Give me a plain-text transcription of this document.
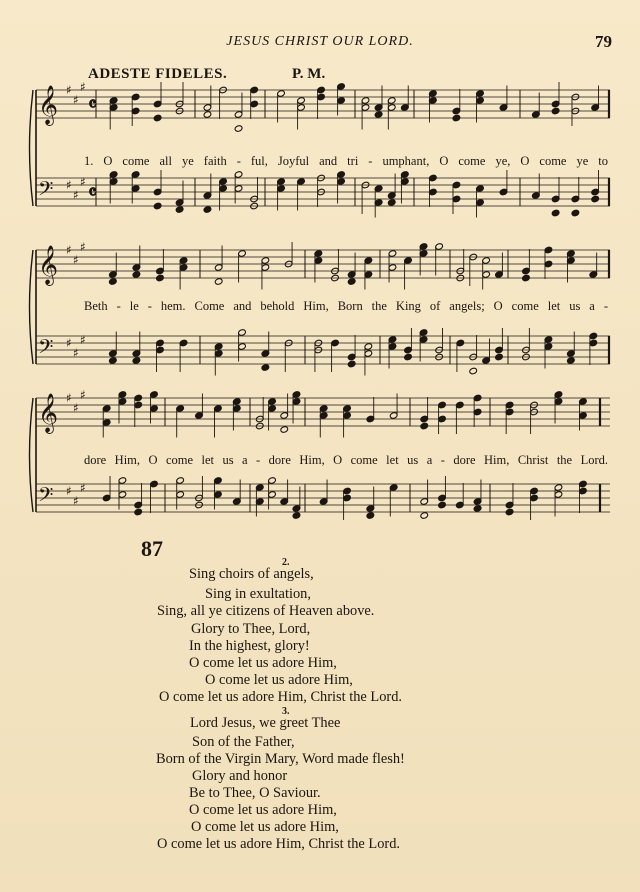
JESUS CHRIST OUR LORD.	79
ADESTE FIDELES.	P. M.
𝄞 ♯
♯
♯
𝄴
𝄢 ♯
♯
♯ 𝄴
1. O come all ye faith - ful, Joyful and tri - umphant, O come ye, O come ye to
𝄞 ♯
♯
♯
𝄢 ♯
♯
♯
Beth - le - hem. Come and behold Him, Born the King of angels; O come let us a -
𝄞 ♯
♯
♯
𝄢 ♯
♯
♯
dore Him, O come let us a - dore Him, O come let us a - dore Him, Christ the Lord.
87
2.
Sing choirs of angels,
Sing in exultation,
Sing, all ye citizens of Heaven above.
Glory to Thee, Lord,
In the highest, glory!
O come let us adore Him,
O come let us adore Him,
O come let us adore Him, Christ the Lord.
3.
Lord Jesus, we greet Thee
Son of the Father,
Born of the Virgin Mary, Word made flesh!
Glory and honor
Be to Thee, O Saviour.
O come let us adore Him,
O come let us adore Him,
O come let us adore Him, Christ the Lord.
